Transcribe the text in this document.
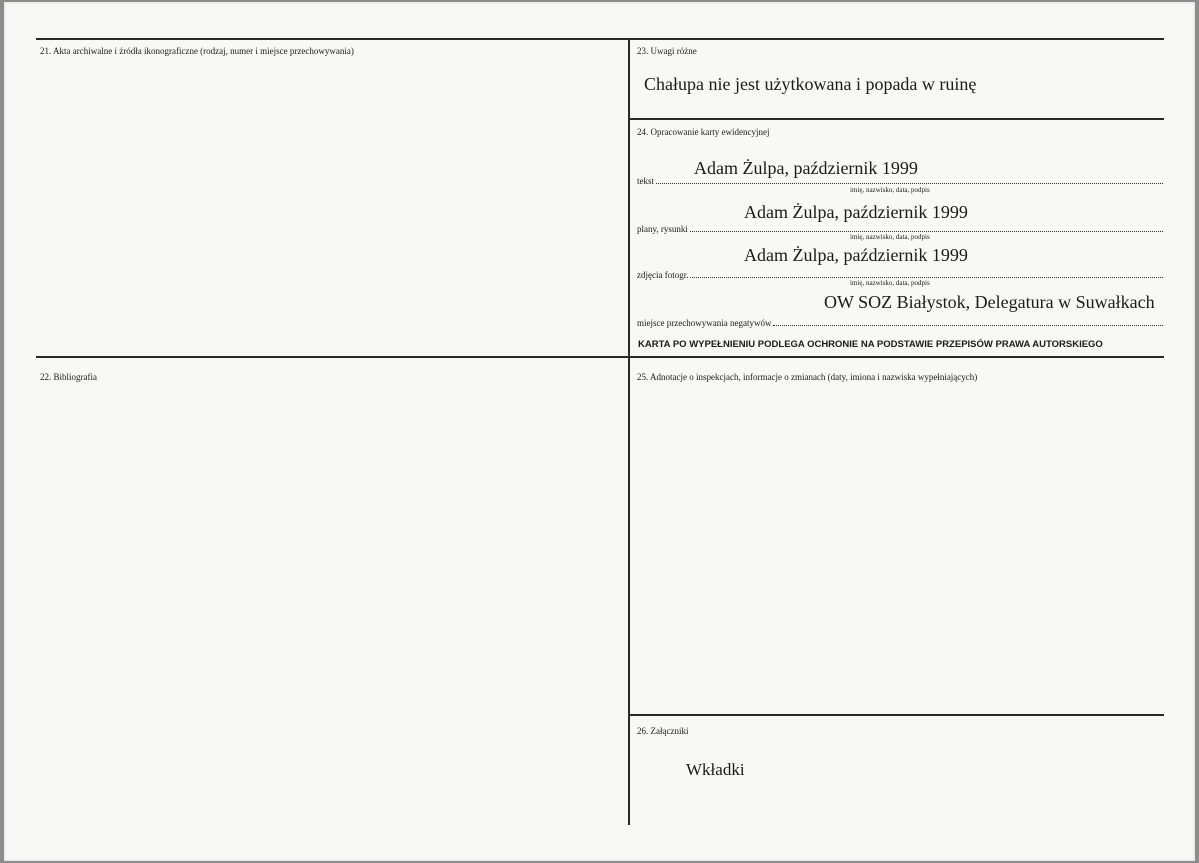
21. Akta archiwalne i źródła ikonograficzne (rodzaj, numer i miejsce przechowywania)
22. Bibliografia
23. Uwagi różne
Chałupa nie jest użytkowana i popada w ruinę
24. Opracowanie karty ewidencyjnej
Adam Żulpa, październik 1999
tekst
imię, nazwisko, data, podpis
Adam Żulpa, październik 1999
plany, rysunki
imię, nazwisko, data, podpis
Adam Żulpa, październik 1999
zdjęcia fotogr.
imię, nazwisko, data, podpis
OW SOZ Białystok, Delegatura w Suwałkach
miejsce przechowywania negatywów
KARTA PO WYPEŁNIENIU PODLEGA OCHRONIE NA PODSTAWIE PRZEPISÓW PRAWA AUTORSKIEGO
25. Adnotacje o inspekcjach, informacje o zmianach (daty, imiona i nazwiska wypełniających)
26. Załączniki
Wkładki
